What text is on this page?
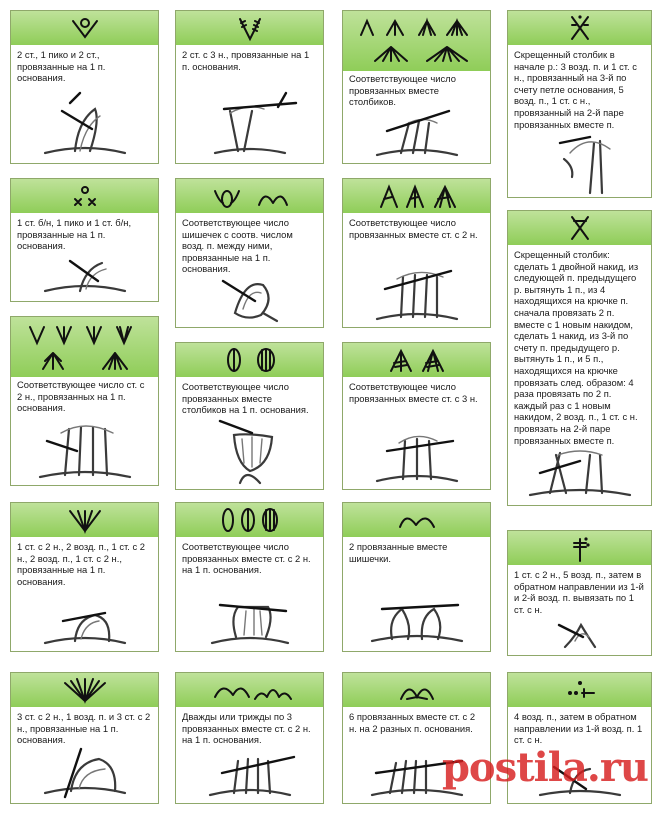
2 ст., 1 пико и 2 ст., провязанные на 1 п. основания.
1 ст. б/н, 1 пико и 1 ст. б/н, провязанные на 1 п. основания.
Соответствующее число ст. с 2 н., провязанных на 1 п. основания.
1 ст. с 2 н., 2 возд. п., 1 ст. с 2 н., 2 возд. п., 1 ст. с 2 н., провязанные на 1 п. основания.
3 ст. с 2 н., 1 возд. п. и 3 ст. с 2 н., провязанные на 1 п. основания.
2 ст. с 3 н., провязанные на 1 п. основания.
Соответствующее число шишечек с соотв. числом возд. п. между ними, провязанные на 1 п. основания.
Соответствующее число провязанных вместе столбиков на 1 п. основания.
Соответствующее число провязанных вместе ст. с 2 н. на 1 п. основания.
Дважды или трижды по 3 провязанных вместе ст. с 2 н. на 1 п. основания.
Соответствующее число провязанных вместе столбиков.
Соответствующее число провязанных вместе ст. с 2 н.
Соответствующее число провязанных вместе ст. с 3 н.
2 провязанные вместе шишечки.
6 провязанных вместе ст. с 2 н. на 2 разных п. основания.
Скрещенный столбик в начале р.: 3 возд. п. и 1 ст. с н., провязанный на 3-й по счету петле основания, 5 возд. п., 1 ст. с н., провязанный на 2-й паре провязанных вместе п.
Скрещенный столбик: сделать 1 двойной накид, из следующей п. предыдущего р. вытянуть 1 п., из 4 находящихся на крючке п. сначала провязать 2 п. вместе с 1 новым накидом, сделать 1 накид, из 3-й по счету п. предыдущего р. вытянуть 1 п., и 5 п., находящихся на крючке провязать след. образом: 4 раза провязать по 2 п. каждый раз с 1 новым накидом, 2 возд. п., 1 ст. с н. провязать на 2-й паре провязанных вместе п.
1 ст. с 2 н., 5 возд. п., затем в обратном направлении из 1-й и 2-й возд. п. вывязать по 1 ст. с н.
4 возд. п., затем в обратном направлении из 1-й возд. п. 1 ст. с н.
postila.ru
